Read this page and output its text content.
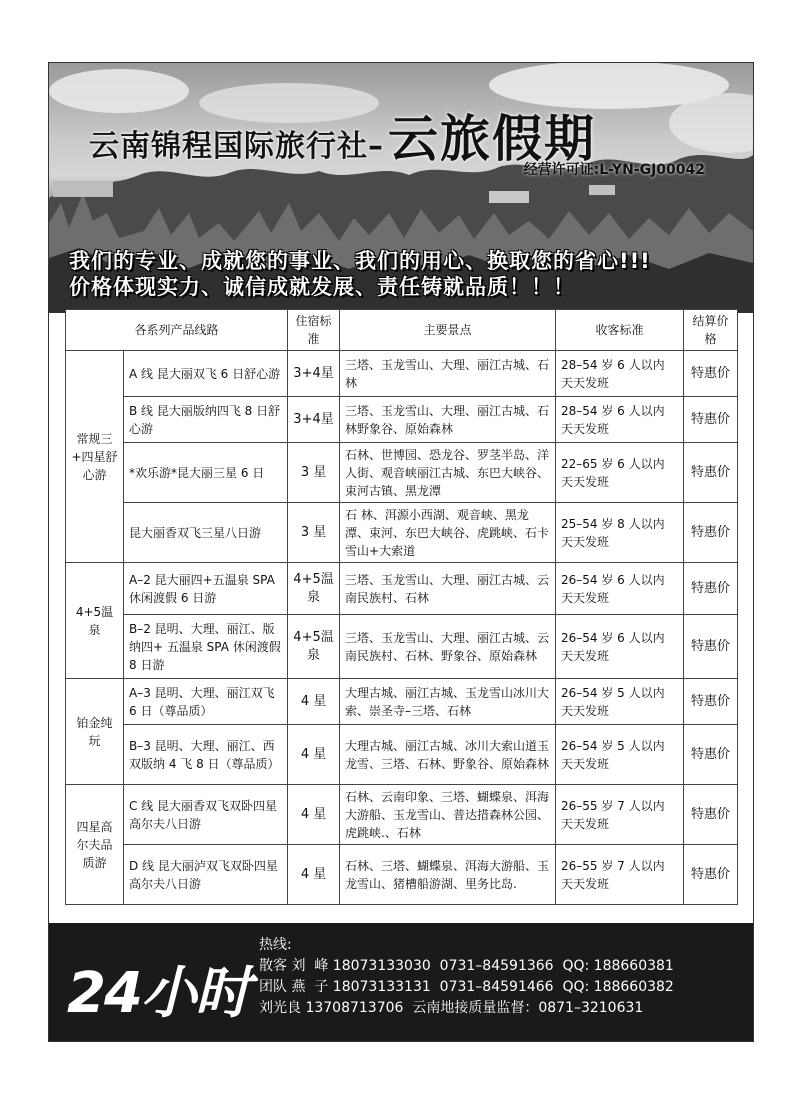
云南锦程国际旅行社– 云旅假期
经营许可证:L-YN-GJ00042
我们的专业、成就您的事业、我们的用心、换取您的省心!!!
价格体现实力、诚信成就发展、责任铸就品质！！！
各系列产品线路		住宿标准	主要景点	收客标准	结算价格
常规三+四星舒心游	A 线 昆大丽双飞 6 日舒心游	3+4星	三塔、玉龙雪山、大理、丽江古城、石林	28–54 岁 6 人以内 天天发班	特惠价
	B 线 昆大丽版纳四飞 8 日舒心游	3+4星	三塔、玉龙雪山、大理、丽江古城、石林野象谷、原始森林	28–54 岁 6 人以内 天天发班	特惠价
	*欢乐游*昆大丽三星 6 日	3 星	石林、世博园、恐龙谷、罗茎半岛、洋人街、观音峡丽江古城、东巴大峡谷、束河古镇、黑龙潭	22–65 岁 6 人以内 天天发班	特惠价
	昆大丽香双飞三星八日游	3 星	石 林、洱源小西湖、观音峡、黑龙潭、束河、东巴大峡谷、虎跳峡、石卡雪山+大索道	25–54 岁 8 人以内 天天发班	特惠价
4+5温泉	A–2 昆大丽四+五温泉 SPA 休闲渡假 6 日游	4+5温泉	三塔、玉龙雪山、大理、丽江古城、云南民族村、石林	26–54 岁 6 人以内 天天发班	特惠价
	B–2 昆明、大理、丽江、版纳四+ 五温泉 SPA 休闲渡假 8 日游	4+5温泉	三塔、玉龙雪山、大理、丽江古城、云南民族村、石林、野象谷、原始森林	26–54 岁 6 人以内 天天发班	特惠价
铂金纯玩	A–3 昆明、大理、丽江双飞 6 日（尊品质）	4 星	大理古城、丽江古城、玉龙雪山冰川大索、崇圣寺–三塔、石林	26–54 岁 5 人以内 天天发班	特惠价
	B–3 昆明、大理、丽江、西双版纳 4 飞 8 日（尊品质）	4 星	大理古城、丽江古城、冰川大索山道玉龙雪、三塔、石林、野象谷、原始森林	26–54 岁 5 人以内 天天发班	特惠价
四星高尔夫品质游	C 线 昆大丽香双飞双卧四星高尔夫八日游	4 星	石林、云南印象、三塔、蝴蝶泉、洱海大游船、玉龙雪山、普达措森林公园、虎跳峡.、石林	26–55 岁 7 人以内 天天发班	特惠价
	D 线 昆大丽泸双飞双卧四星高尔夫八日游	4 星	石林、三塔、蝴蝶泉、洱海大游船、玉龙雪山、猪槽船游湖、里务比岛.	26–55 岁 7 人以内 天天发班	特惠价
24小时
热线:
散客 刘  峰 18073133030  0731–84591366  QQ: 188660381
团队 燕  子 18073133131  0731–84591466  QQ: 188660382
刘光良 13708713706  云南地接质量监督：0871–3210631
